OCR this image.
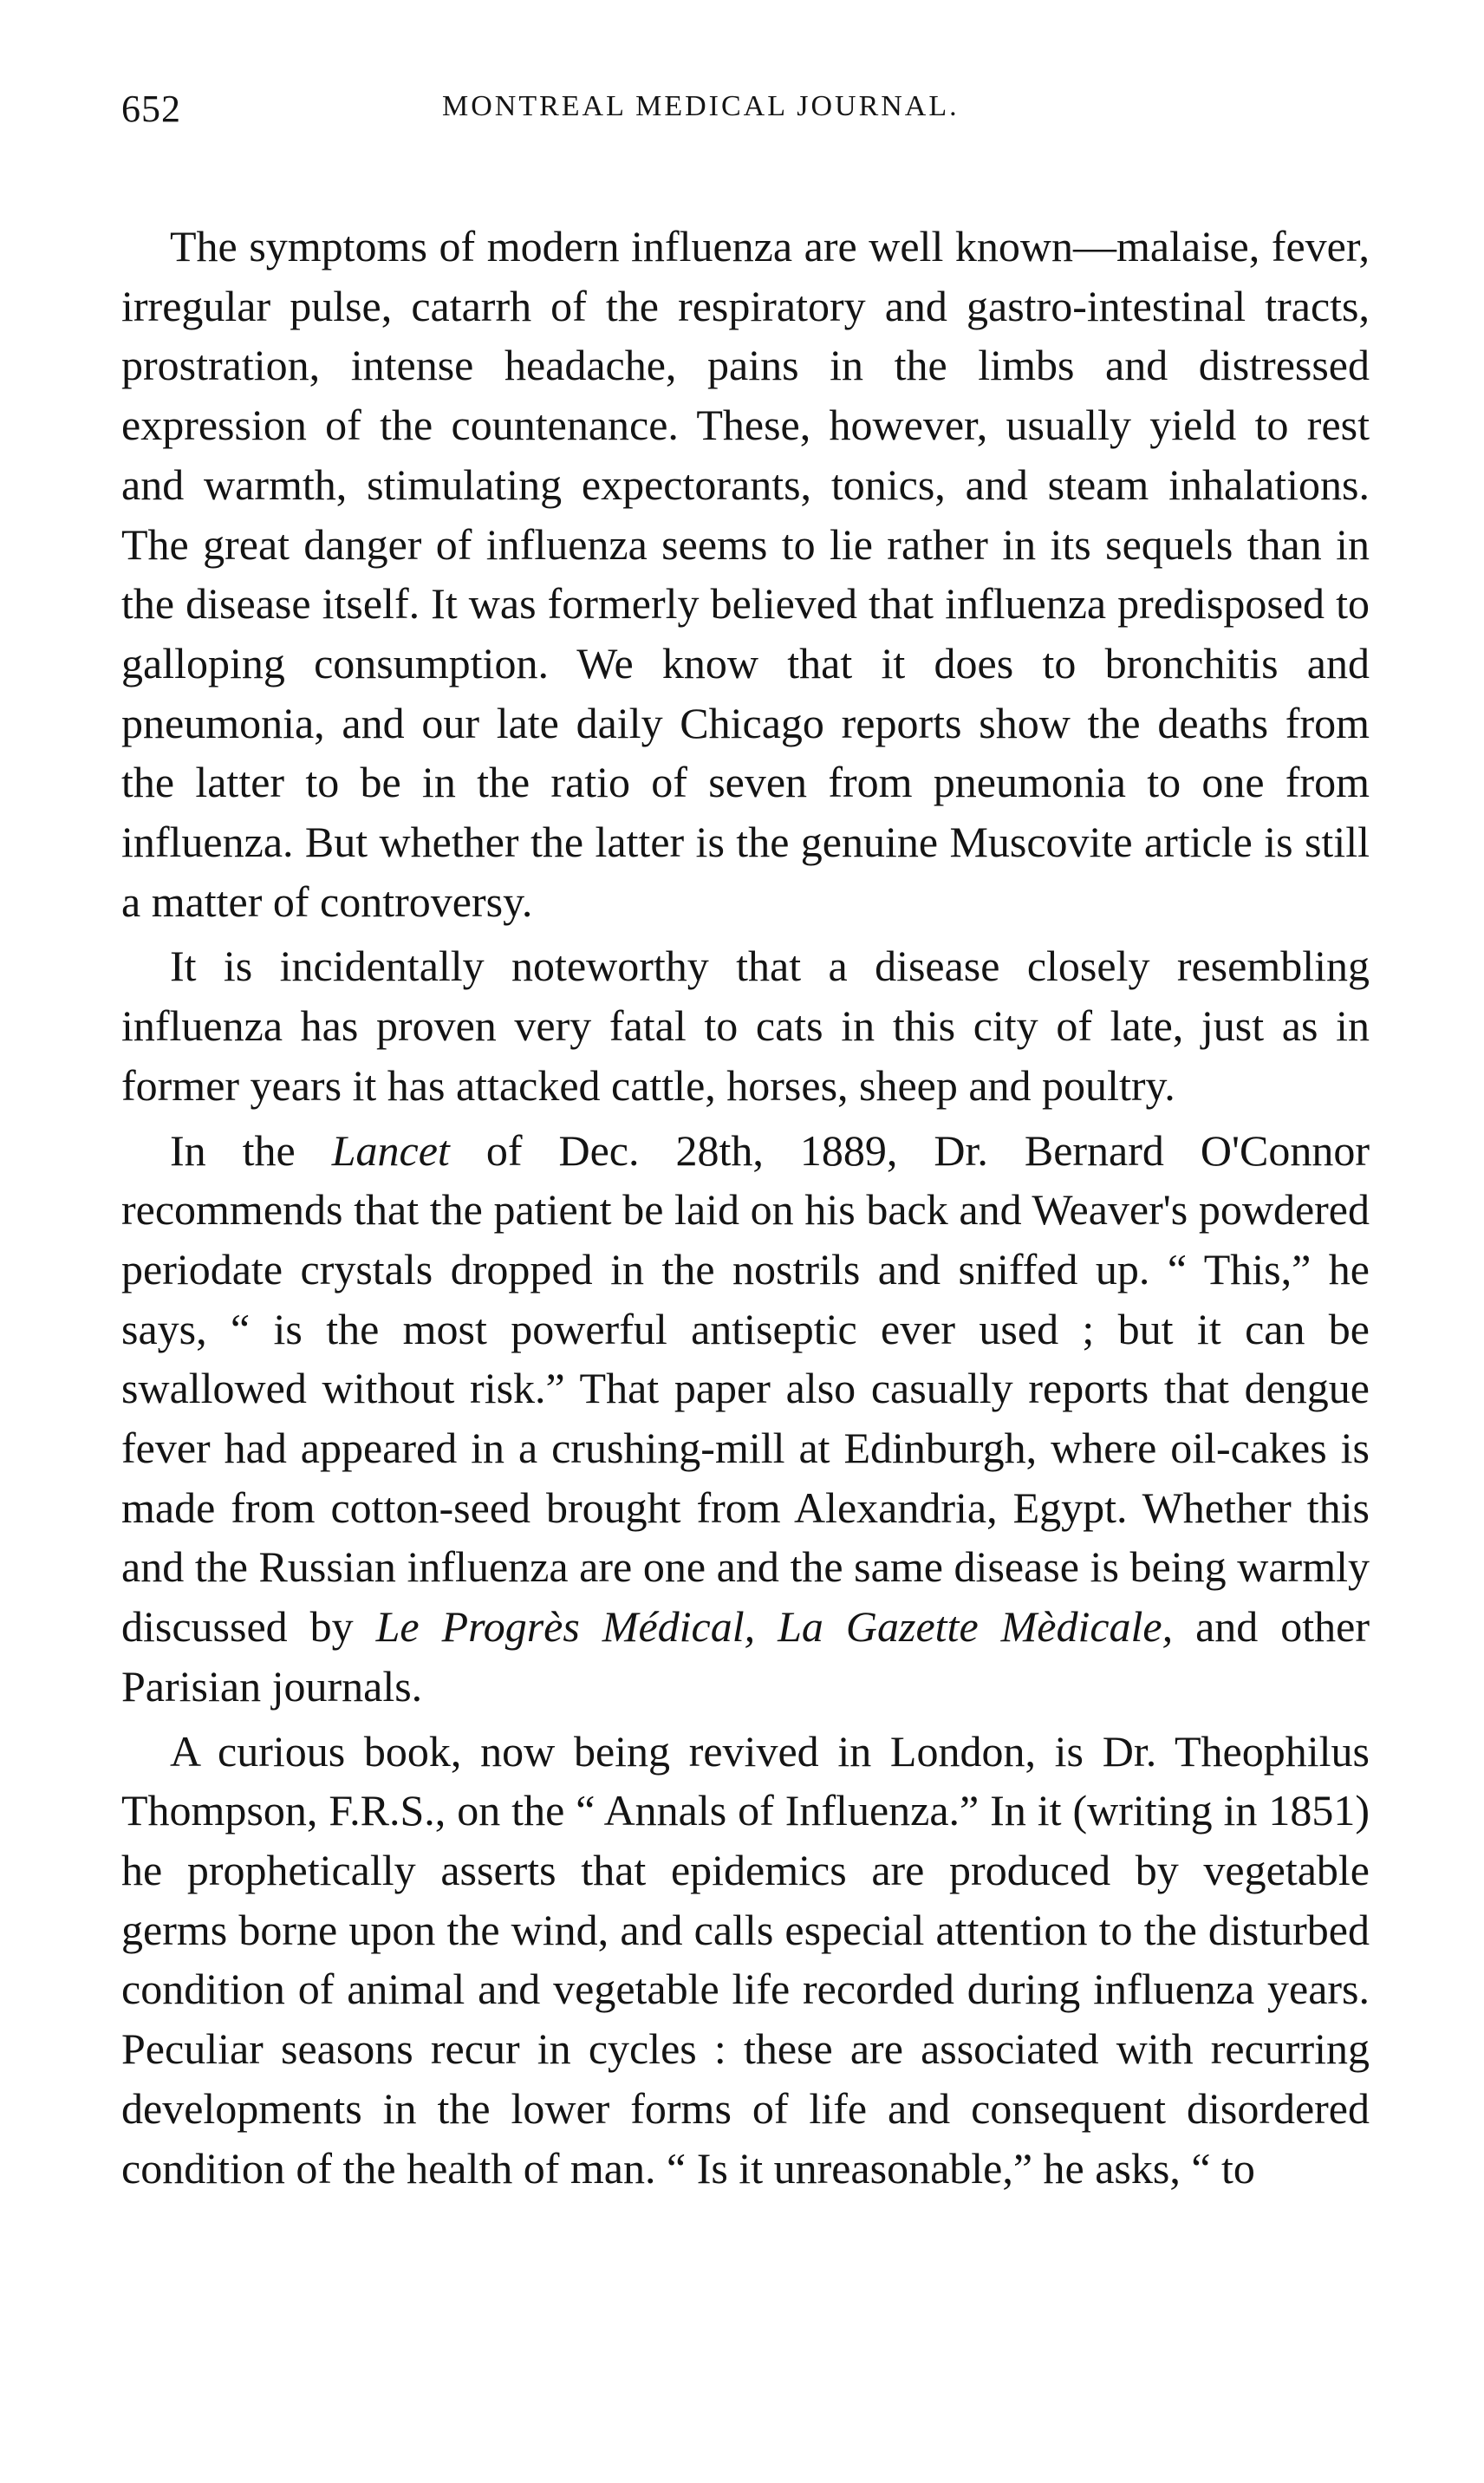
652	MONTREAL MEDICAL JOURNAL.

The symptoms of modern influenza are well known—malaise, fever, irregular pulse, catarrh of the respiratory and gastro-intestinal tracts, prostration, intense headache, pains in the limbs and distressed expression of the countenance. These, however, usually yield to rest and warmth, stimulating expectorants, tonics, and steam inhalations. The great danger of influenza seems to lie rather in its sequels than in the disease itself. It was formerly believed that influenza predisposed to galloping consumption. We know that it does to bronchitis and pneumonia, and our late daily Chicago reports show the deaths from the latter to be in the ratio of seven from pneumonia to one from influenza. But whether the latter is the genuine Muscovite article is still a matter of controversy.

It is incidentally noteworthy that a disease closely resembling influenza has proven very fatal to cats in this city of late, just as in former years it has attacked cattle, horses, sheep and poultry.

In the Lancet of Dec. 28th, 1889, Dr. Bernard O'Connor recommends that the patient be laid on his back and Weaver's powdered periodate crystals dropped in the nostrils and sniffed up. “ This,” he says, “ is the most powerful antiseptic ever used ; but it can be swallowed without risk.” That paper also casually reports that dengue fever had appeared in a crushing-mill at Edinburgh, where oil-cakes is made from cotton-seed brought from Alexandria, Egypt. Whether this and the Russian influenza are one and the same disease is being warmly discussed by Le Progrès Médical, La Gazette Mèdicale, and other Parisian journals.

A curious book, now being revived in London, is Dr. Theophilus Thompson, F.R.S., on the “ Annals of Influenza.” In it (writing in 1851) he prophetically asserts that epidemics are produced by vegetable germs borne upon the wind, and calls especial attention to the disturbed condition of animal and vegetable life recorded during influenza years. Peculiar seasons recur in cycles : these are associated with recurring developments in the lower forms of life and consequent disordered condition of the health of man. “ Is it unreasonable,” he asks, “ to
